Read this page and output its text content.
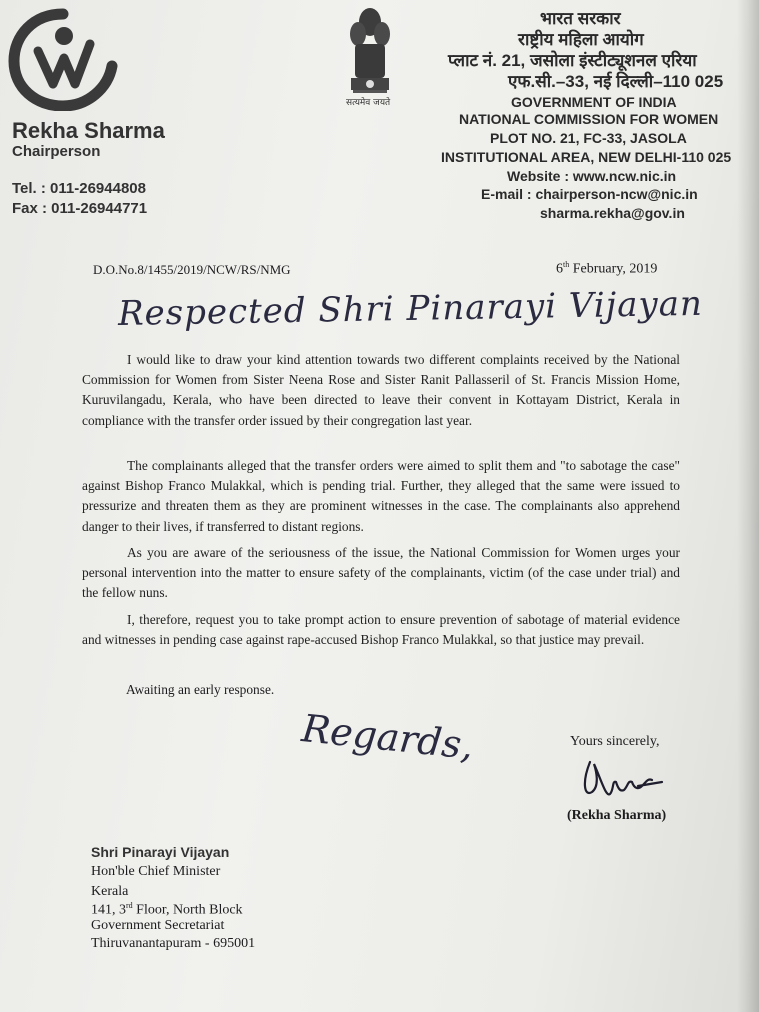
Rekha Sharma
Chairperson
Tel. : 011-26944808
Fax : 011-26944771
सत्यमेव जयते
भारत सरकार
राष्ट्रीय महिला आयोग
प्लाट नं. 21, जसोला इंस्टीट्यूशनल एरिया
एफ.सी.–33, नई दिल्ली–110 025
GOVERNMENT OF INDIA
NATIONAL COMMISSION FOR WOMEN
PLOT NO. 21, FC-33, JASOLA
INSTITUTIONAL AREA, NEW DELHI-110 025
Website : www.ncw.nic.in
E-mail : chairperson-ncw@nic.in
sharma.rekha@gov.in
D.O.No.8/1455/2019/NCW/RS/NMG	6th February, 2019
Respected Shri Pinarayi Vijayan

I would like to draw your kind attention towards two different complaints received by the National Commission for Women from Sister Neena Rose and Sister Ranit Pallasseril of St. Francis Mission Home, Kuruvilangadu, Kerala, who have been directed to leave their convent in Kottayam District, Kerala in compliance with the transfer order issued by their congregation last year.

The complainants alleged that the transfer orders were aimed to split them and "to sabotage the case" against Bishop Franco Mulakkal, which is pending trial. Further, they alleged that the same were issued to pressurize and threaten them as they are prominent witnesses in the case. The complainants also apprehend danger to their lives, if transferred to distant regions.

As you are aware of the seriousness of the issue, the National Commission for Women urges your personal intervention into the matter to ensure safety of the complainants, victim (of the case under trial) and the fellow nuns.

I, therefore, request you to take prompt action to ensure prevention of sabotage of material evidence and witnesses in pending case against rape-accused Bishop Franco Mulakkal, so that justice may prevail.

Awaiting an early response.
Regards,	Yours sincerely,
(Rekha Sharma)
Shri Pinarayi Vijayan
Hon'ble Chief Minister
Kerala
141, 3rd Floor, North Block
Government Secretariat
Thiruvanantapuram - 695001
